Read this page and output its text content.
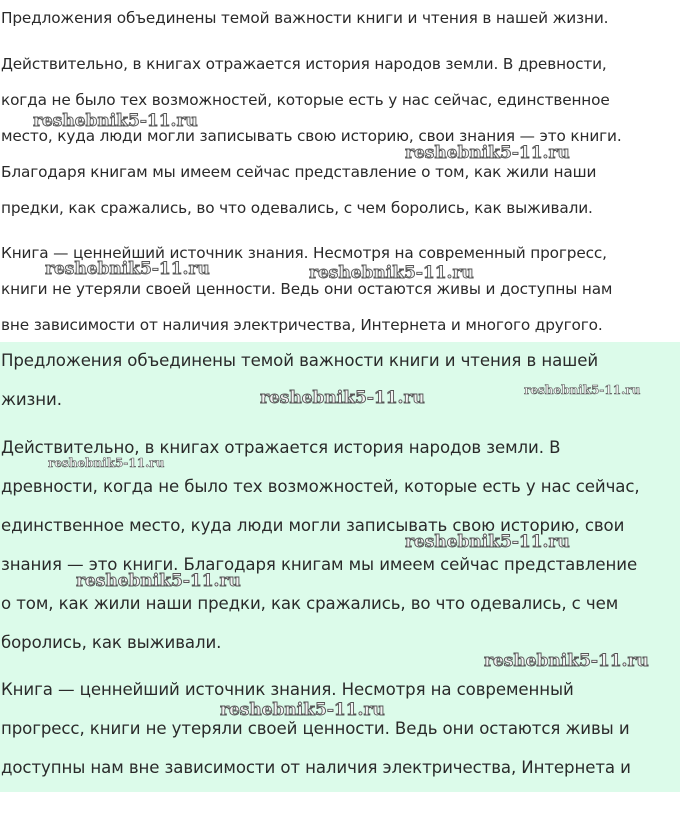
Предложения объединены темой важности книги и чтения в нашей жизни.
Действительно, в книгах отражается история народов земли. В древности,
когда не было тех возможностей, которые есть у нас сейчас, единственное
место, куда люди могли записывать свою историю, свои знания — это книги.
Благодаря книгам мы имеем сейчас представление о том, как жили наши
предки, как сражались, во что одевались, с чем боролись, как выживали.
Книга — ценнейший источник знания. Несмотря на современный прогресс,
книги не утеряли своей ценности. Ведь они остаются живы и доступны нам
вне зависимости от наличия электричества, Интернета и многого другого.
Предложения объединены темой важности книги и чтения в нашей
жизни.
Действительно, в книгах отражается история народов земли. В
древности, когда не было тех возможностей, которые есть у нас сейчас,
единственное место, куда люди могли записывать свою историю, свои
знания — это книги. Благодаря книгам мы имеем сейчас представление
о том, как жили наши предки, как сражались, во что одевались, с чем
боролись, как выживали.
Книга — ценнейший источник знания. Несмотря на современный
прогресс, книги не утеряли своей ценности. Ведь они остаются живы и
доступны нам вне зависимости от наличия электричества, Интернета и
reshebnik5-11.ru
reshebnik5-11.ru
reshebnik5-11.ru	reshebnik5-11.ru
reshebnik5-11.ru	reshebnik5-11.ru
reshebnik5-11.ru
reshebnik5-11.ru
reshebnik5-11.ru
reshebnik5-11.ru
reshebnik5-11.ru
